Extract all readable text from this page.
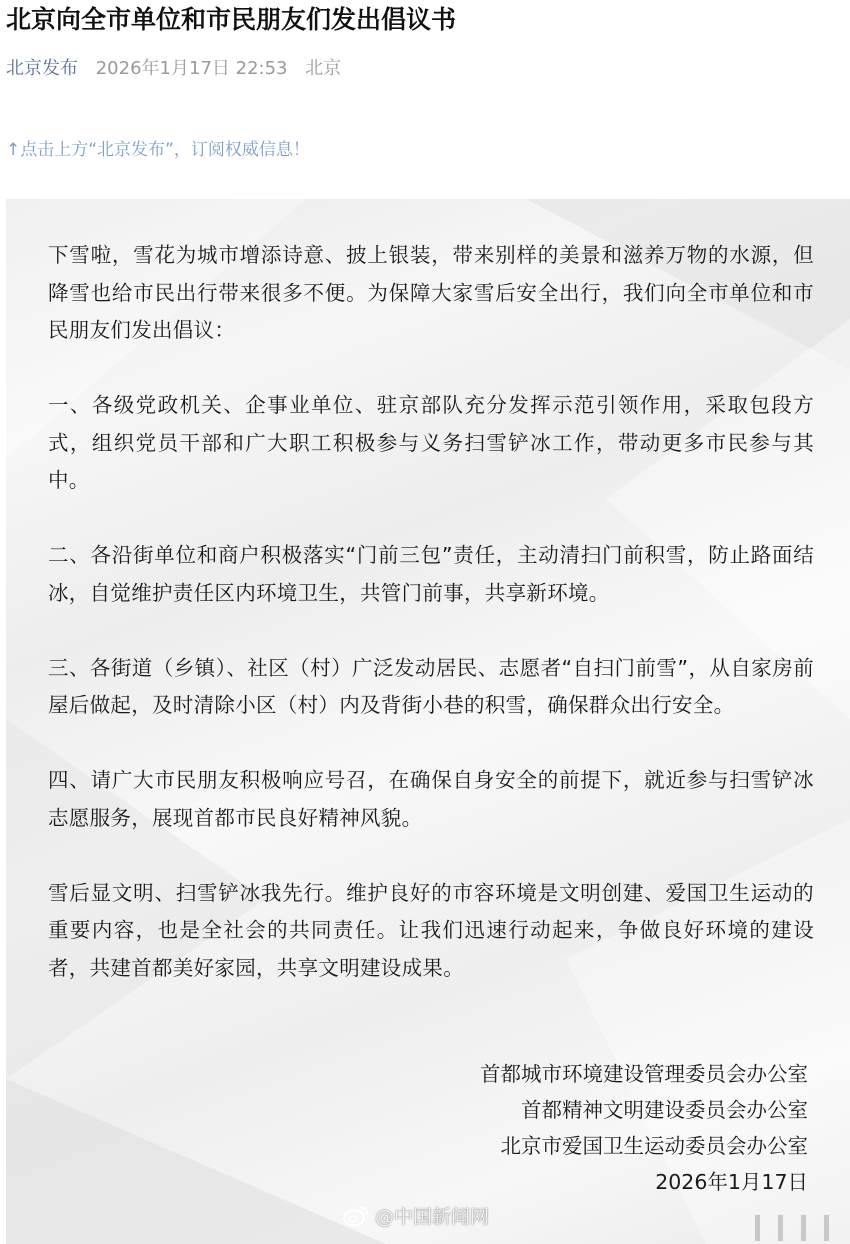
北京向全市单位和市民朋友们发出倡议书
北京发布 2026年1月17日 22:53 北京
↑点击上方“北京发布”，订阅权威信息！

下雪啦，雪花为城市增添诗意、披上银装，带来别样的美景和滋养万物的水源，但降雪也给市民出行带来很多不便。为保障大家雪后安全出行，我们向全市单位和市民朋友们发出倡议：

一、各级党政机关、企事业单位、驻京部队充分发挥示范引领作用，采取包段方式，组织党员干部和广大职工积极参与义务扫雪铲冰工作，带动更多市民参与其中。

二、各沿街单位和商户积极落实“门前三包”责任，主动清扫门前积雪，防止路面结冰，自觉维护责任区内环境卫生，共管门前事，共享新环境。

三、各街道（乡镇）、社区（村）广泛发动居民、志愿者“自扫门前雪”，从自家房前屋后做起，及时清除小区（村）内及背街小巷的积雪，确保群众出行安全。

四、请广大市民朋友积极响应号召，在确保自身安全的前提下，就近参与扫雪铲冰志愿服务，展现首都市民良好精神风貌。

雪后显文明、扫雪铲冰我先行。维护良好的市容环境是文明创建、爱国卫生运动的重要内容，也是全社会的共同责任。让我们迅速行动起来，争做良好环境的建设者，共建首都美好家园，共享文明建设成果。

首都城市环境建设管理委员会办公室
首都精神文明建设委员会办公室
北京市爱国卫生运动委员会办公室
2026年1月17日
@中国新闻网
